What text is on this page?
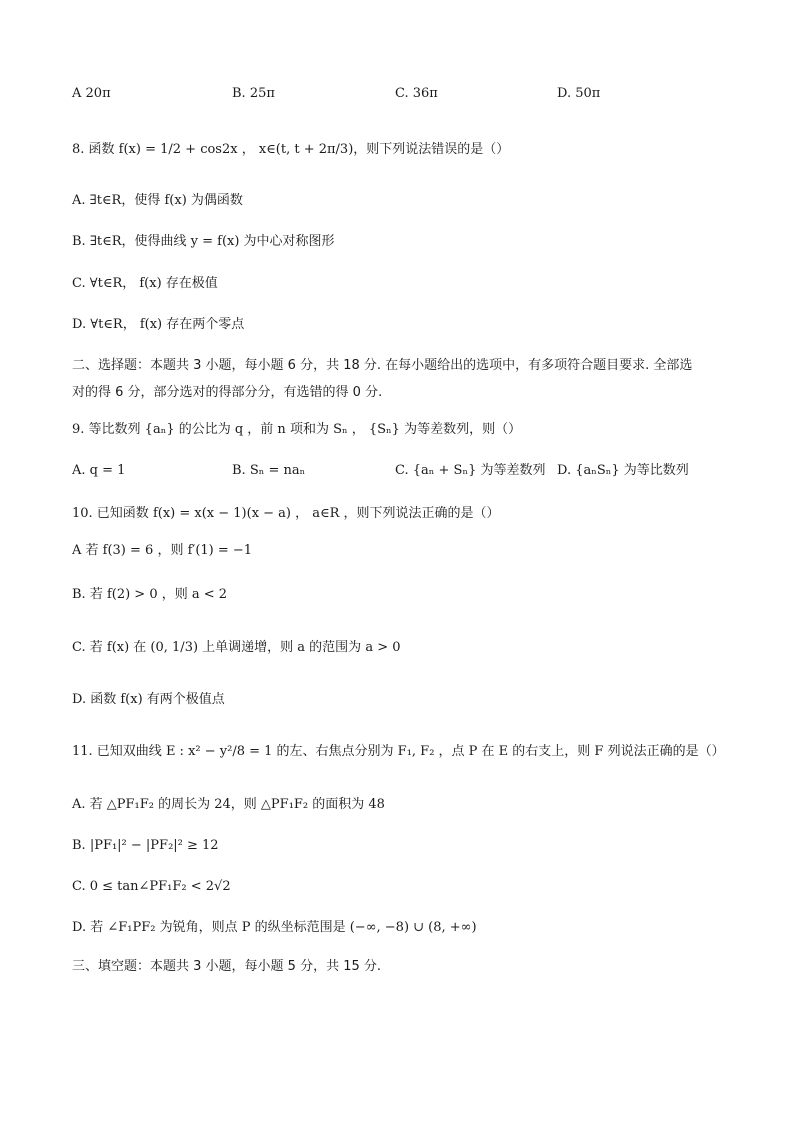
A 20π	B. 25π	C. 36π	D. 50π
8. 函数 f(x) = 1/2 + cos2x ， x∈(t, t + 2π/3)，则下列说法错误的是（）
A. ∃t∈R，使得 f(x) 为偶函数
B. ∃t∈R，使得曲线 y = f(x) 为中心对称图形
C. ∀t∈R， f(x) 存在极值
D. ∀t∈R， f(x) 存在两个零点
二、选择题：本题共 3 小题，每小题 6 分，共 18 分. 在每小题给出的选项中，有多项符合题目要求. 全部选
对的得 6 分，部分选对的得部分分，有选错的得 0 分.
9. 等比数列 {aₙ} 的公比为 q ，前 n 项和为 Sₙ ， {Sₙ} 为等差数列，则（）
A. q = 1	B. Sₙ = naₙ	C. {aₙ + Sₙ} 为等差数列 D. {aₙSₙ} 为等比数列
10. 已知函数 f(x) = x(x − 1)(x − a) ， a∈R ，则下列说法正确的是（）
A 若 f(3) = 6 ，则 f′(1) = −1
B. 若 f(2) > 0 ，则 a < 2
C. 若 f(x) 在 (0, 1/3) 上单调递增，则 a 的范围为 a > 0
D. 函数 f(x) 有两个极值点
11. 已知双曲线 E : x² − y²/8 = 1 的左、右焦点分别为 F₁, F₂ ，点 P 在 E 的右支上，则 F 列说法正确的是（）
A. 若 △PF₁F₂ 的周长为 24，则 △PF₁F₂ 的面积为 48
B. |PF₁|² − |PF₂|² ≥ 12
C. 0 ≤ tan∠PF₁F₂ < 2√2
D. 若 ∠F₁PF₂ 为锐角，则点 P 的纵坐标范围是 (−∞, −8) ∪ (8, +∞)
三、填空题：本题共 3 小题，每小题 5 分，共 15 分.
